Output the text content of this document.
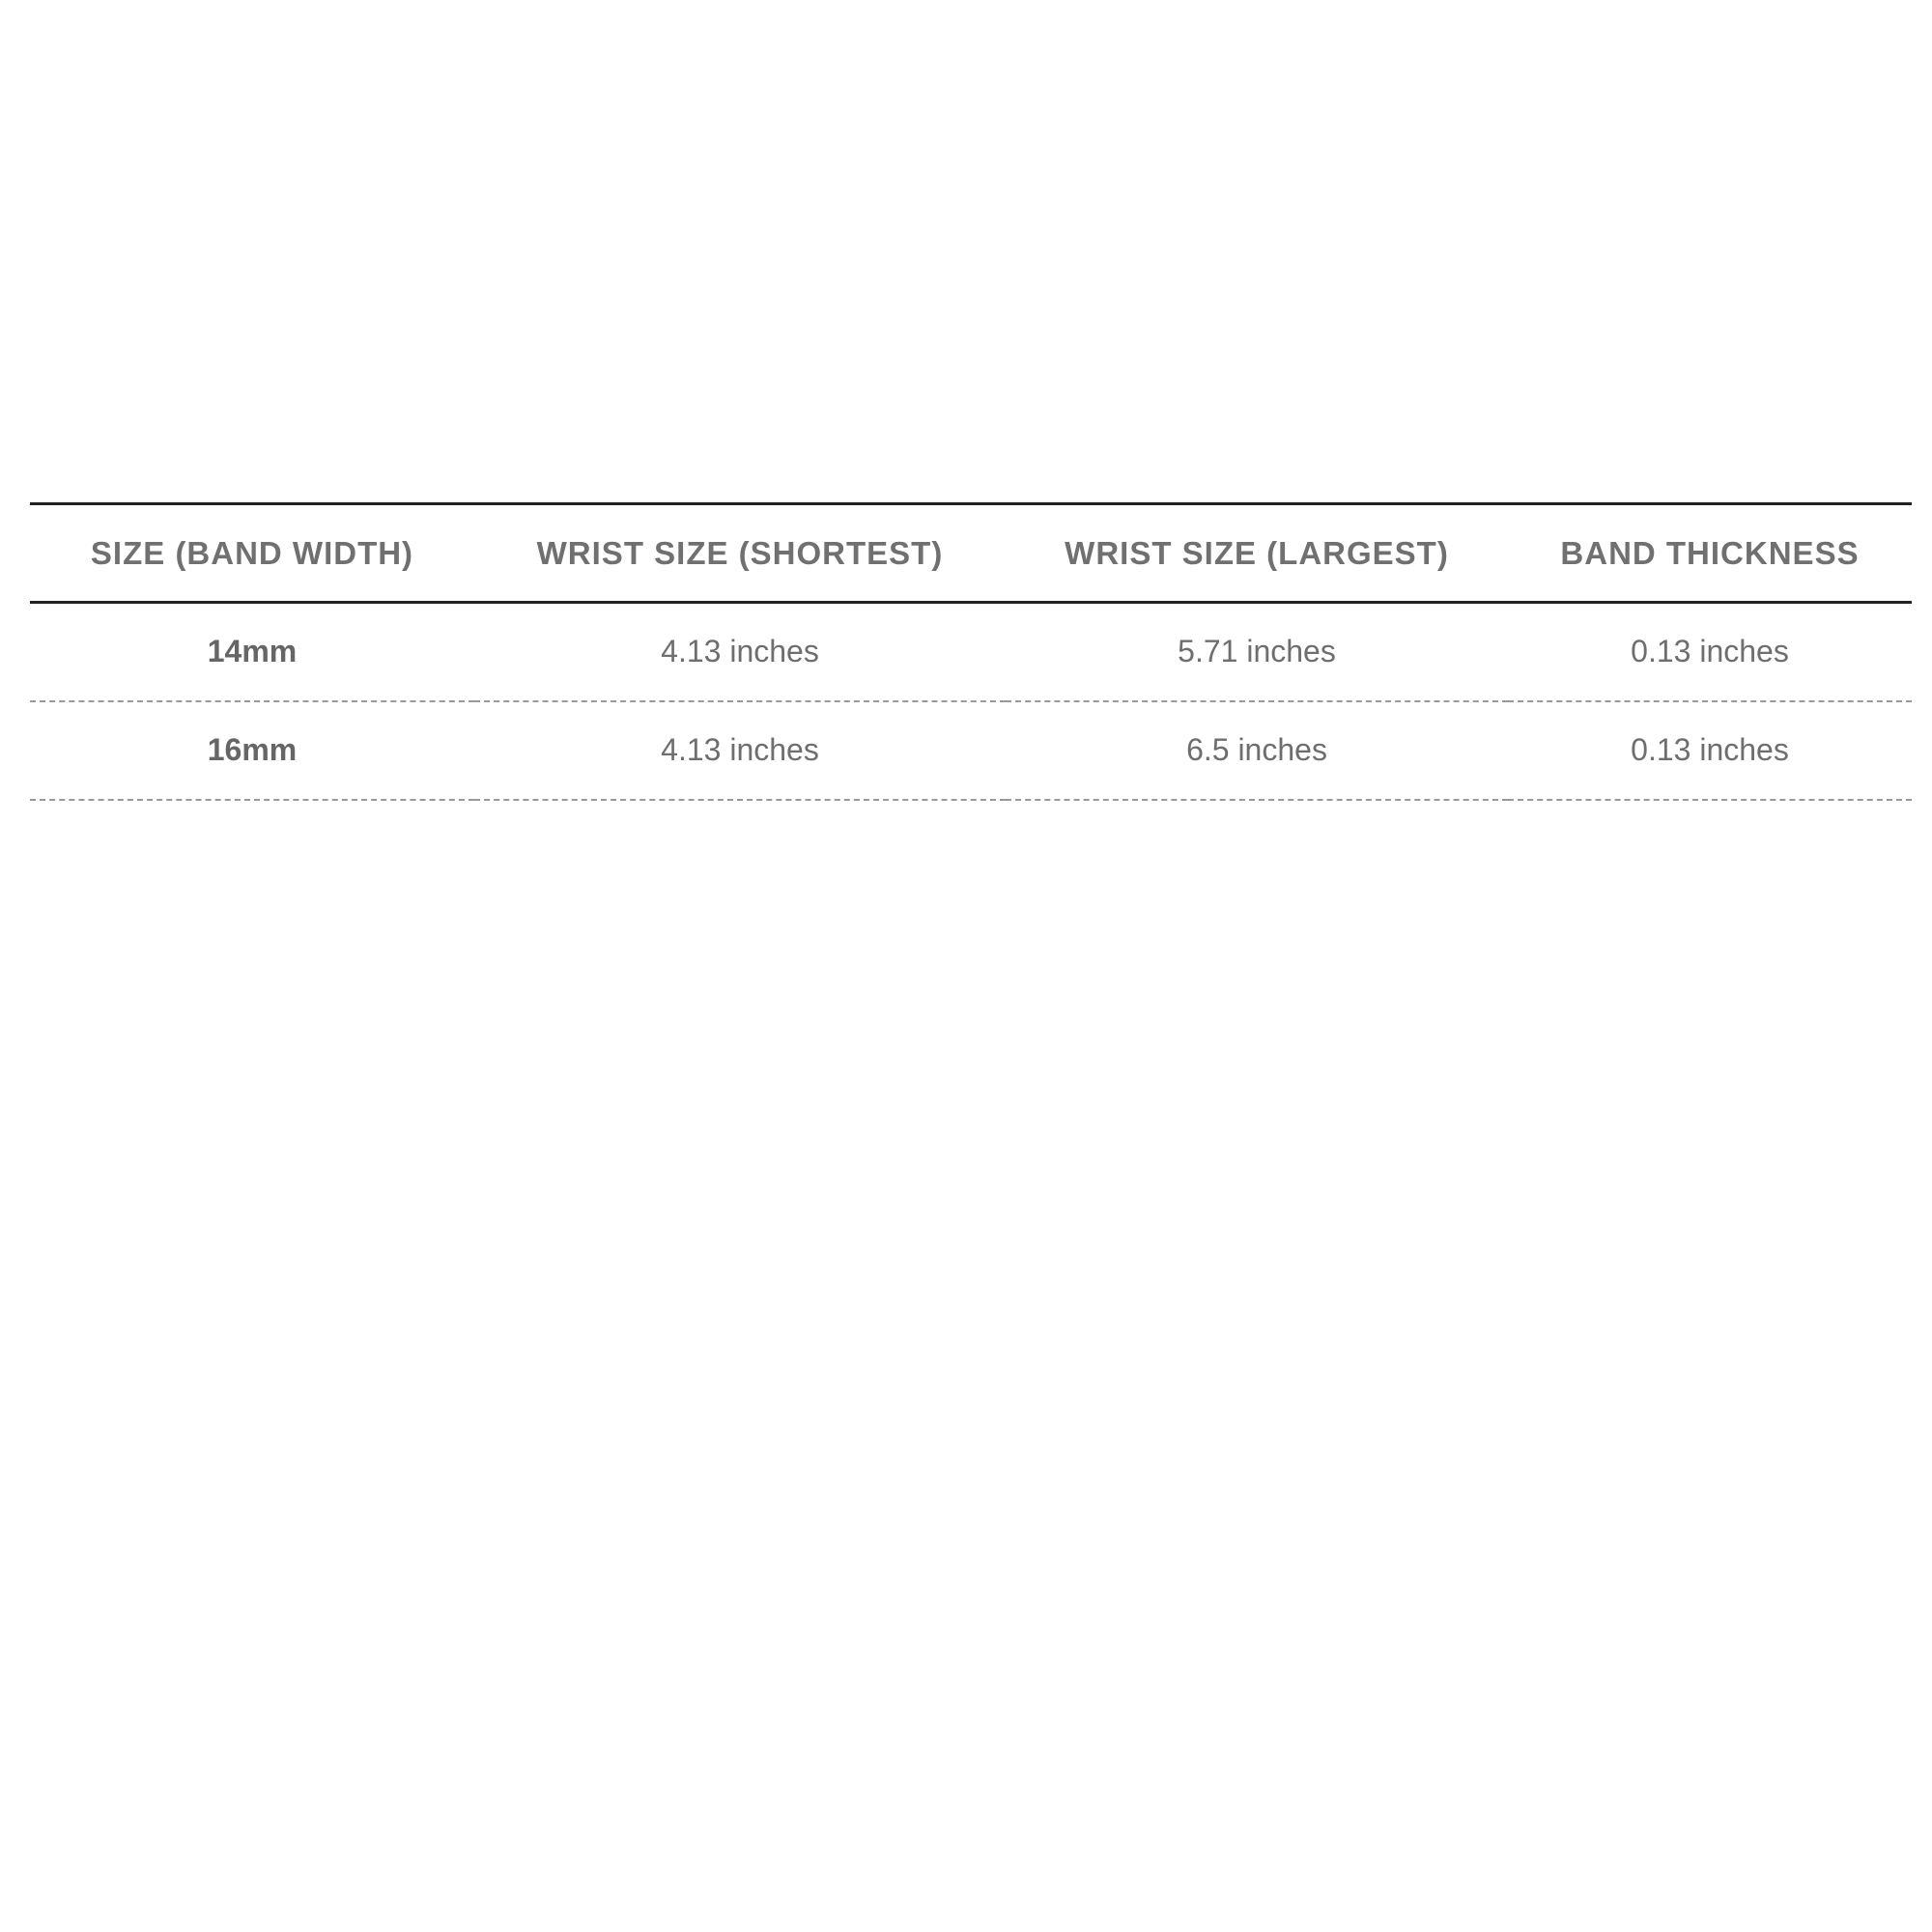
SIZE (BAND WIDTH)	WRIST SIZE (SHORTEST)	WRIST SIZE (LARGEST)	BAND THICKNESS
14mm	4.13 inches	5.71 inches	0.13 inches
16mm	4.13 inches	6.5 inches	0.13 inches
